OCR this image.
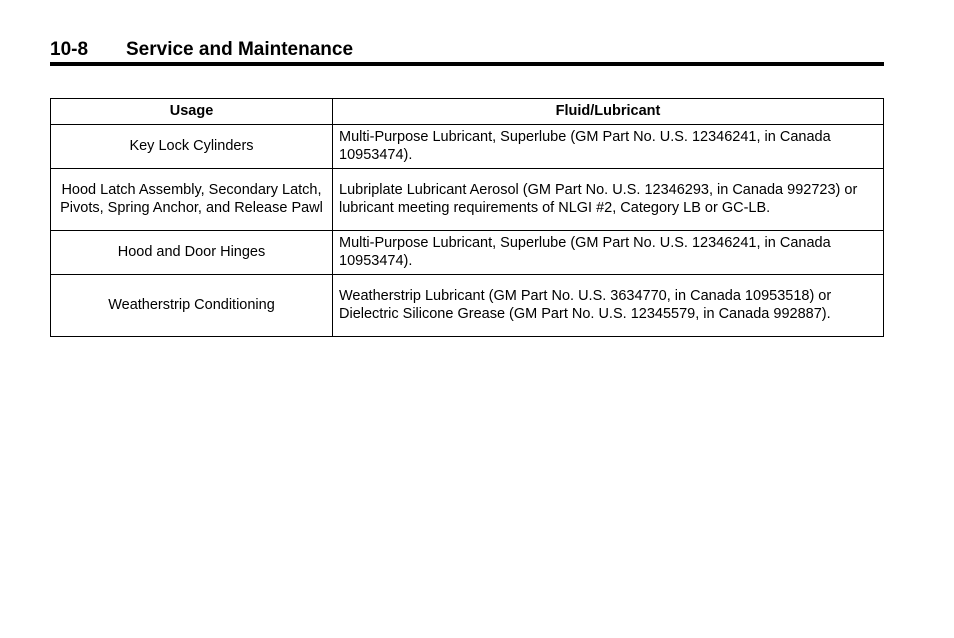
10-8 Service and Maintenance
Usage	Fluid/Lubricant

Key Lock Cylinders	Multi-Purpose Lubricant, Superlube (GM Part No. U.S. 12346241, in Canada 10953474).

Hood Latch Assembly, Secondary Latch, Pivots, Spring Anchor, and Release Pawl	Lubriplate Lubricant Aerosol (GM Part No. U.S. 12346293, in Canada 992723) or lubricant meeting requirements of NLGI #2, Category LB or GC-LB.

Hood and Door Hinges	Multi-Purpose Lubricant, Superlube (GM Part No. U.S. 12346241, in Canada 10953474).

Weatherstrip Conditioning	Weatherstrip Lubricant (GM Part No. U.S. 3634770, in Canada 10953518) or Dielectric Silicone Grease (GM Part No. U.S. 12345579, in Canada 992887).
